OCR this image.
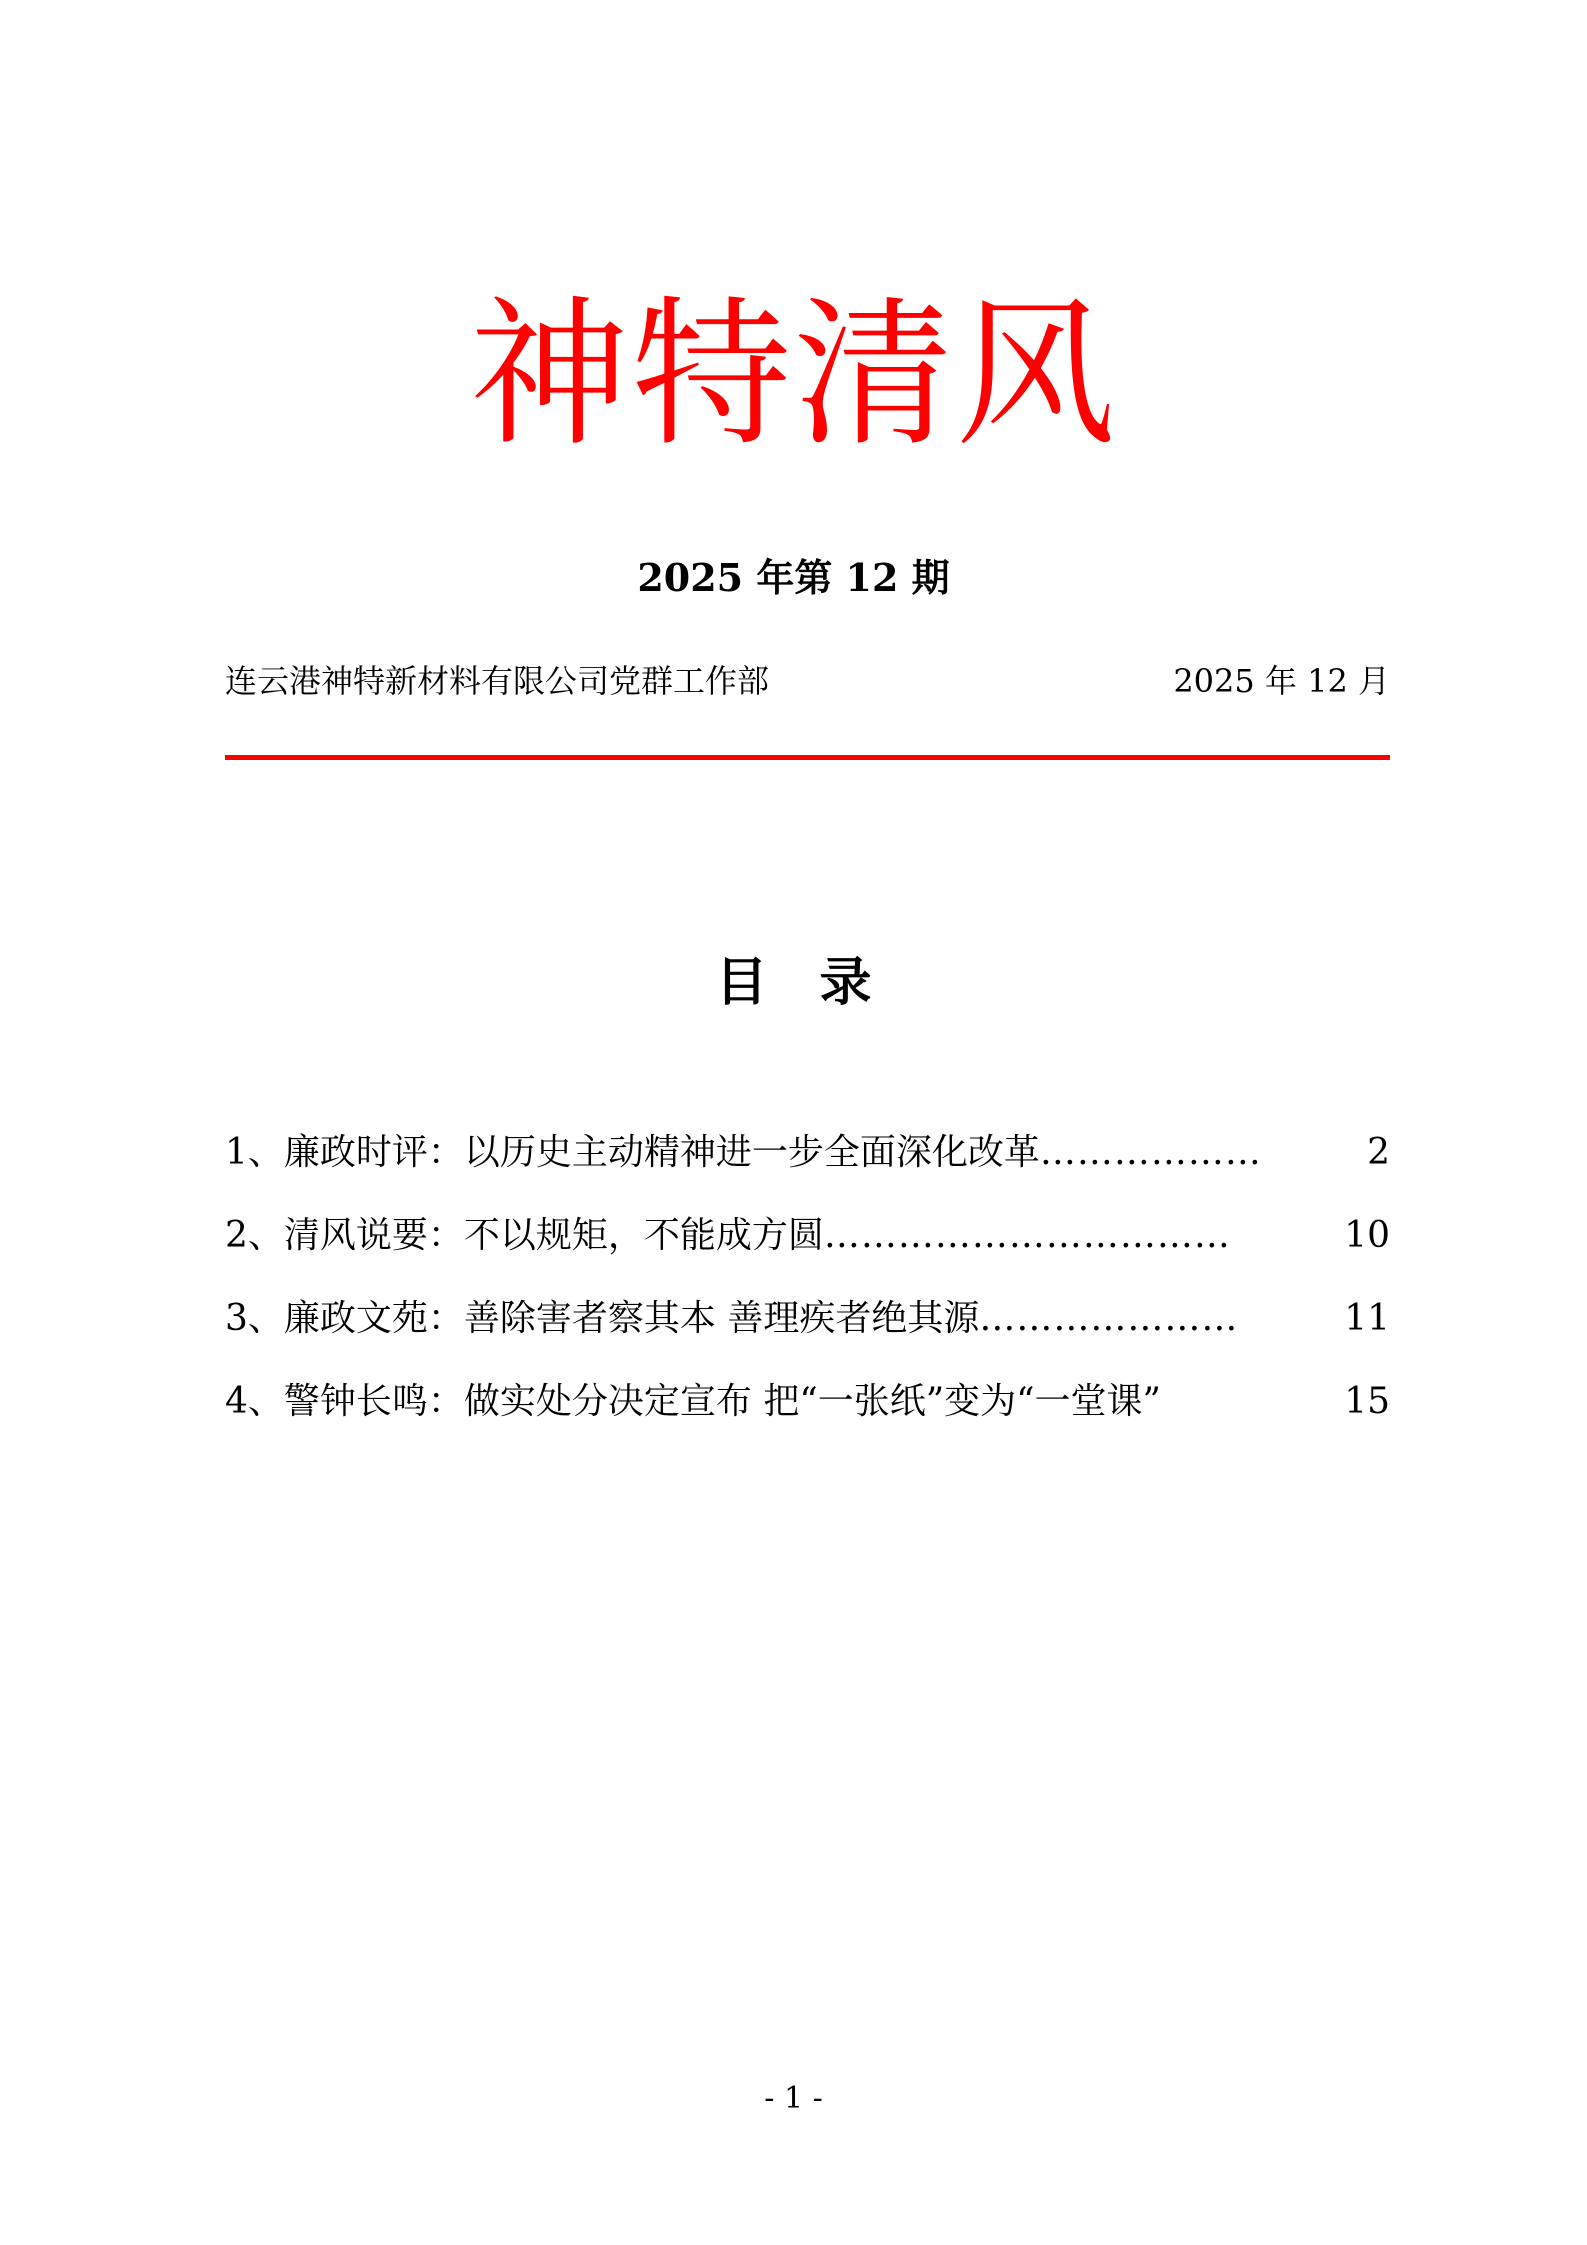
神特清风
2025 年第 12 期
连云港神特新材料有限公司党群工作部	2025 年 12 月
目　录
1、廉政时评：以历史主动精神进一步全面深化改革 ………………	2
2、清风说要：不以规矩，不能成方圆 ……………………………	10
3、廉政文苑：善除害者察其本 善理疾者绝其源 …………………	11
4、警钟长鸣：做实处分决定宣布 把“一张纸”变为“一堂课”	15
- 1 -
